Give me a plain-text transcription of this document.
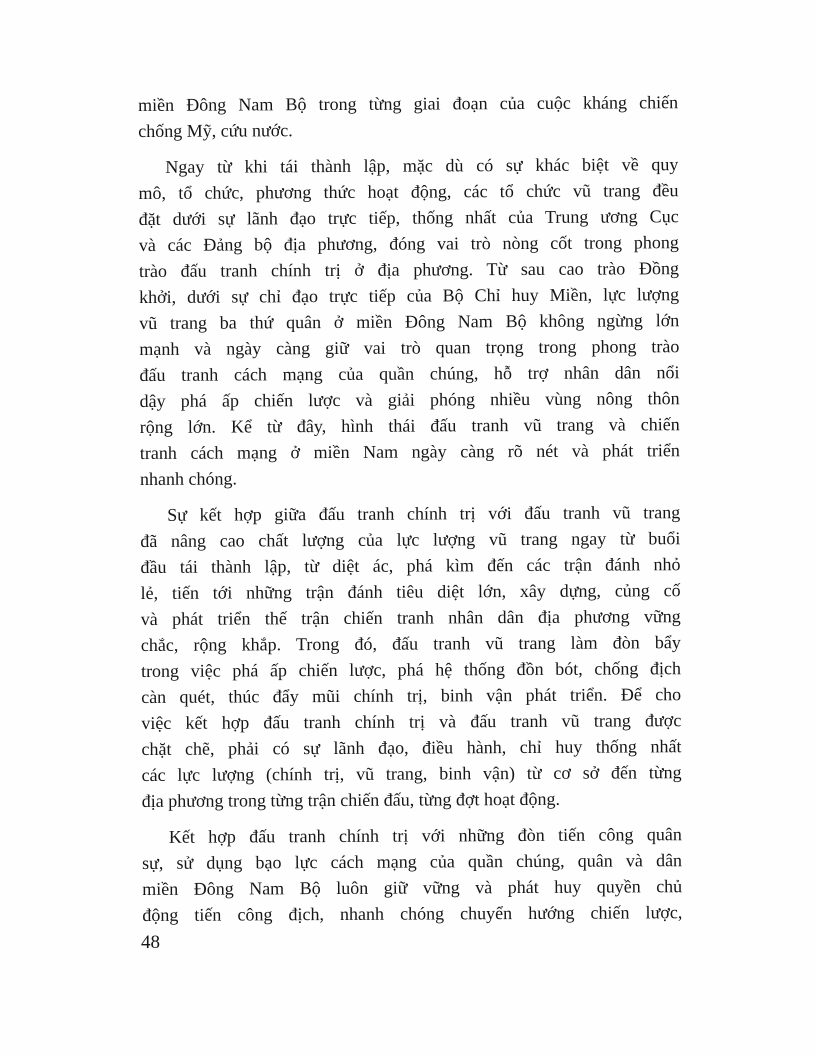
miền Đông Nam Bộ trong từng giai đoạn của cuộc kháng chiến
chống Mỹ, cứu nước.

Ngay từ khi tái thành lập, mặc dù có sự khác biệt về quy
mô, tổ chức, phương thức hoạt động, các tổ chức vũ trang đều
đặt dưới sự lãnh đạo trực tiếp, thống nhất của Trung ương Cục
và các Đảng bộ địa phương, đóng vai trò nòng cốt trong phong
trào đấu tranh chính trị ở địa phương. Từ sau cao trào Đồng
khởi, dưới sự chỉ đạo trực tiếp của Bộ Chỉ huy Miền, lực lượng
vũ trang ba thứ quân ở miền Đông Nam Bộ không ngừng lớn
mạnh và ngày càng giữ vai trò quan trọng trong phong trào
đấu tranh cách mạng của quần chúng, hỗ trợ nhân dân nổi
dậy phá ấp chiến lược và giải phóng nhiều vùng nông thôn
rộng lớn. Kể từ đây, hình thái đấu tranh vũ trang và chiến
tranh cách mạng ở miền Nam ngày càng rõ nét và phát triển
nhanh chóng.

Sự kết hợp giữa đấu tranh chính trị với đấu tranh vũ trang
đã nâng cao chất lượng của lực lượng vũ trang ngay từ buổi
đầu tái thành lập, từ diệt ác, phá kìm đến các trận đánh nhỏ
lẻ, tiến tới những trận đánh tiêu diệt lớn, xây dựng, củng cố
và phát triển thế trận chiến tranh nhân dân địa phương vững
chắc, rộng khắp. Trong đó, đấu tranh vũ trang làm đòn bẩy
trong việc phá ấp chiến lược, phá hệ thống đồn bót, chống địch
càn quét, thúc đẩy mũi chính trị, binh vận phát triển. Để cho
việc kết hợp đấu tranh chính trị và đấu tranh vũ trang được
chặt chẽ, phải có sự lãnh đạo, điều hành, chỉ huy thống nhất
các lực lượng (chính trị, vũ trang, binh vận) từ cơ sở đến từng
địa phương trong từng trận chiến đấu, từng đợt hoạt động.

Kết hợp đấu tranh chính trị với những đòn tiến công quân
sự, sử dụng bạo lực cách mạng của quần chúng, quân và dân
miền Đông Nam Bộ luôn giữ vững và phát huy quyền chủ
động tiến công địch, nhanh chóng chuyển hướng chiến lược,

48
